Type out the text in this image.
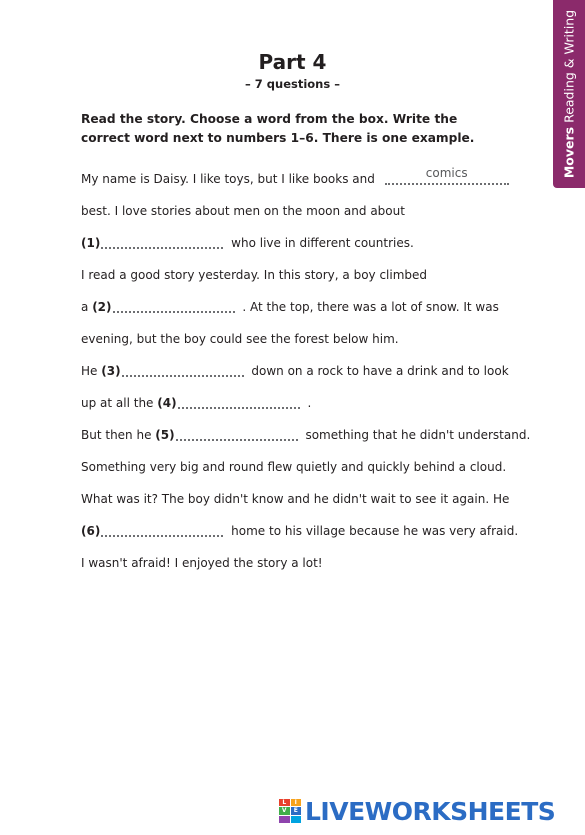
Movers Reading & Writing
Part 4
– 7 questions –
Read the story. Choose a word from the box. Write the correct word next to numbers 1–6. There is one example.
My name is Daisy. I like toys, but I like books and	comics
best. I love stories about men on the moon and about
(1)	who live in different countries.
I read a good story yesterday. In this story, a boy climbed
a (2)	. At the top, there was a lot of snow. It was
evening, but the boy could see the forest below him.
He (3)	down on a rock to have a drink and to look
up at all the (4)	.
But then he (5)	something that he didn't understand.
Something very big and round flew quietly and quickly behind a cloud.
What was it? The boy didn't know and he didn't wait to see it again. He
(6)	home to his village because he was very afraid.
I wasn't afraid! I enjoyed the story a lot!
L	I
V	E LIVEWORKSHEETS
